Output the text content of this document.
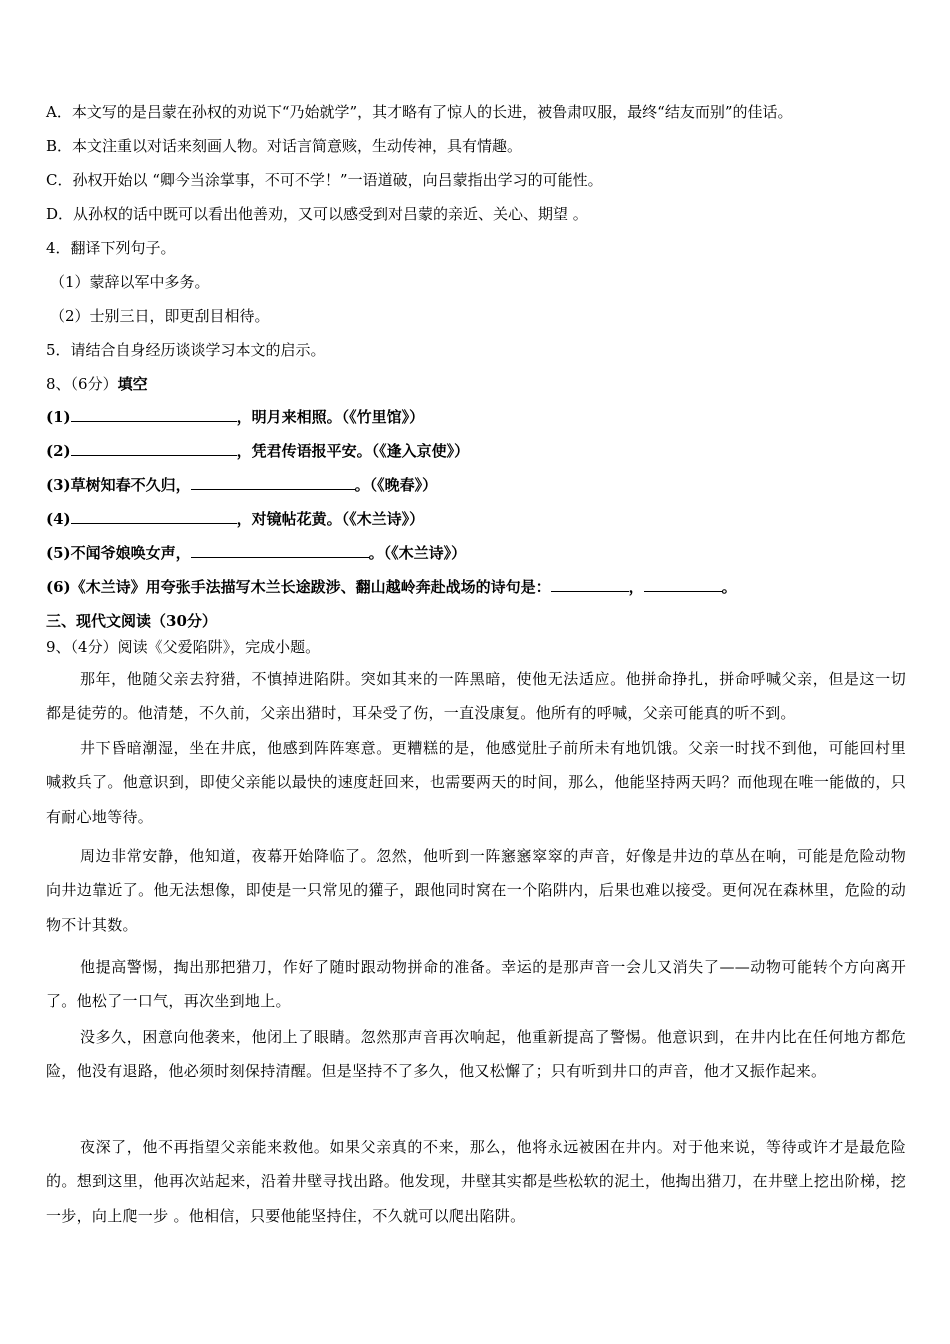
A．本文写的是吕蒙在孙权的劝说下“乃始就学”，其才略有了惊人的长进，被鲁肃叹服，最终“结友而别”的佳话。
B．本文注重以对话来刻画人物。对话言简意赅，生动传神，具有情趣。
C．孙权开始以 “卿今当涂掌事，不可不学！”一语道破，向吕蒙指出学习的可能性。
D．从孙权的话中既可以看出他善劝，又可以感受到对吕蒙的亲近、关心、期望 。
4．翻译下列句子。
（1）蒙辞以军中多务。
（2）士别三日，即更刮目相待。
5．请结合自身经历谈谈学习本文的启示。
8、（6分）填空
(1)	，明月来相照。（《竹里馆》）
(2)	，凭君传语报平安。（《逢入京使》）
(3)草树知春不久归，	。（《晚春》）
(4)	，对镜帖花黄。（《木兰诗》）
(5)不闻爷娘唤女声，	。（《木兰诗》）
(6)《木兰诗》用夸张手法描写木兰长途跋涉、翻山越岭奔赴战场的诗句是：	，	。
三、现代文阅读（30分）
9、（4分）阅读《父爱陷阱》，完成小题。
那年，他随父亲去狩猎，不慎掉进陷阱。突如其来的一阵黑暗，使他无法适应。他拼命挣扎，拼命呼喊父亲，但是这一切都是徒劳的。他清楚，不久前，父亲出猎时，耳朵受了伤，一直没康复。他所有的呼喊，父亲可能真的听不到。
井下昏暗潮湿，坐在井底，他感到阵阵寒意。更糟糕的是，他感觉肚子前所未有地饥饿。父亲一时找不到他，可能回村里喊救兵了。他意识到，即使父亲能以最快的速度赶回来，也需要两天的时间，那么，他能坚持两天吗？而他现在唯一能做的，只有耐心地等待。
周边非常安静，他知道，夜幕开始降临了。忽然，他听到一阵窸窸窣窣的声音，好像是井边的草丛在响，可能是危险动物向井边靠近了。他无法想像，即使是一只常见的獾子，跟他同时窝在一个陷阱内，后果也难以接受。更何况在森林里，危险的动物不计其数。
他提高警惕，掏出那把猎刀，作好了随时跟动物拼命的准备。幸运的是那声音一会儿又消失了——动物可能转个方向离开了。他松了一口气，再次坐到地上。
没多久，困意向他袭来，他闭上了眼睛。忽然那声音再次响起，他重新提高了警惕。他意识到，在井内比在任何地方都危险，他没有退路，他必须时刻保持清醒。但是坚持不了多久，他又松懈了；只有听到井口的声音，他才又振作起来。
夜深了，他不再指望父亲能来救他。如果父亲真的不来，那么，他将永远被困在井内。对于他来说，等待或许才是最危险的。想到这里，他再次站起来，沿着井壁寻找出路。他发现，井壁其实都是些松软的泥土，他掏出猎刀，在井壁上挖出阶梯，挖一步，向上爬一步 。他相信，只要他能坚持住，不久就可以爬出陷阱。
